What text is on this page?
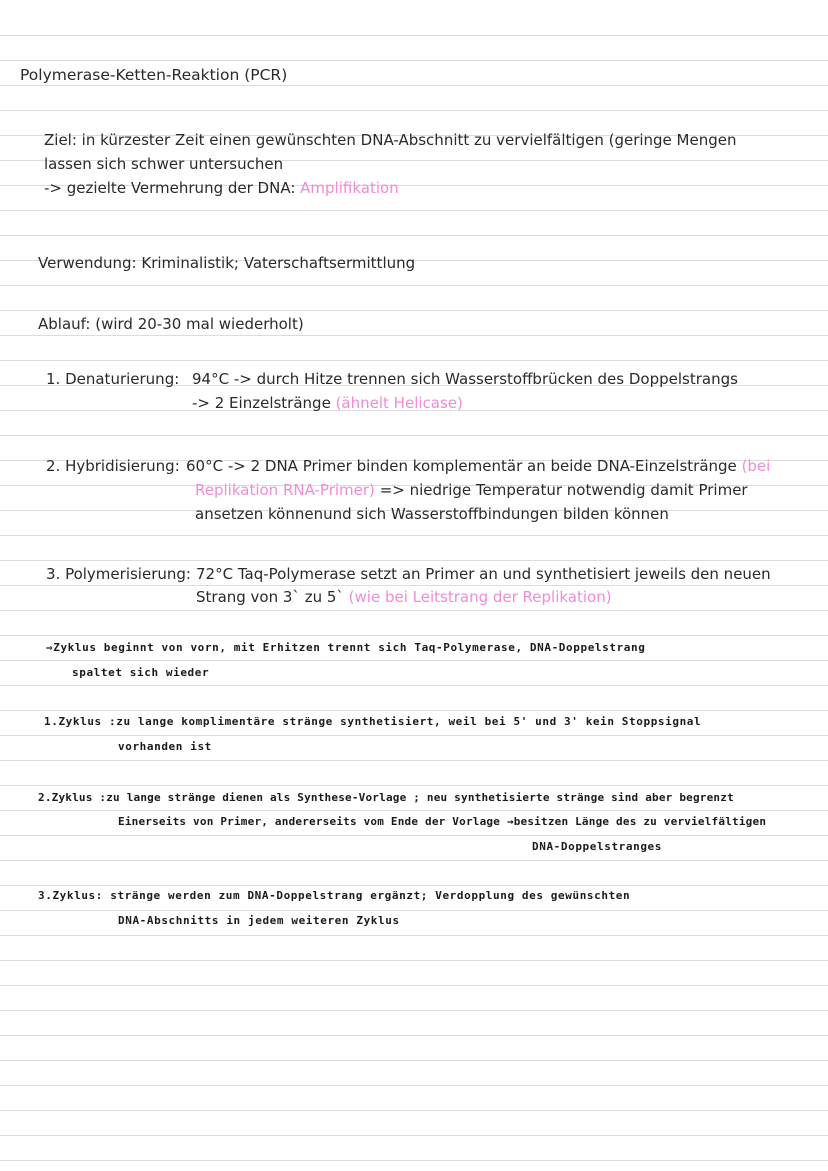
Polymerase-Ketten-Reaktion (PCR)
Ziel: in kürzester Zeit einen gewünschten DNA-Abschnitt zu vervielfältigen (geringe Mengen
lassen sich schwer untersuchen
-> gezielte Vermehrung der DNA: Amplifikation
Verwendung: Kriminalistik; Vaterschaftsermittlung
Ablauf: (wird 20-30 mal wiederholt)
1. Denaturierung: 94°C -> durch Hitze trennen sich Wasserstoffbrücken des Doppelstrangs
-> 2 Einzelstränge (ähnelt Helicase)
2. Hybridisierung: 60°C -> 2 DNA Primer binden komplementär an beide DNA-Einzelstränge (bei
Replikation RNA-Primer) => niedrige Temperatur notwendig damit Primer
ansetzen könnenund sich Wasserstoffbindungen bilden können
3. Polymerisierung: 72°C Taq-Polymerase setzt an Primer an und synthetisiert jeweils den neuen
Strang von 3` zu 5` (wie bei Leitstrang der Replikation)
⇒Zyklus beginnt von vorn, mit Erhitzen trennt sich Taq-Polymerase, DNA-Doppelstrang
spaltet sich wieder
1.Zyklus :zu lange komplimentäre stränge synthetisiert, weil bei 5' und 3' kein Stoppsignal
vorhanden ist
2.Zyklus :zu lange stränge dienen als Synthese-Vorlage ; neu synthetisierte stränge sind aber begrenzt
Einerseits von Primer, andererseits vom Ende der Vorlage →besitzen Länge des zu vervielfältigen
DNA-Doppelstranges
3.Zyklus: stränge werden zum DNA-Doppelstrang ergänzt; Verdopplung des gewünschten
DNA-Abschnitts in jedem weiteren Zyklus
